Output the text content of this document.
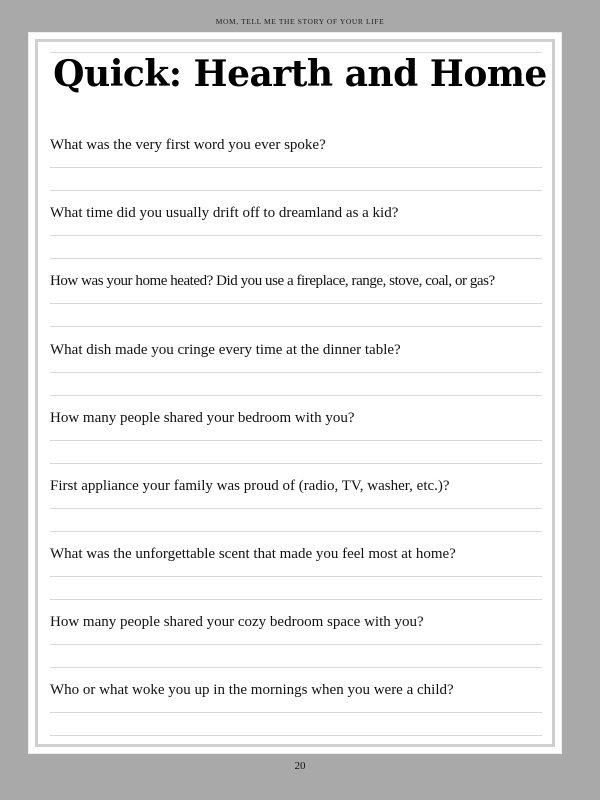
MOM, TELL ME THE STORY OF YOUR LIFE
Quick: Hearth and Home
What was the very first word you ever spoke?
What time did you usually drift off to dreamland as a kid?
How was your home heated? Did you use a fireplace, range, stove, coal, or gas?
What dish made you cringe every time at the dinner table?
How many people shared your bedroom with you?
First appliance your family was proud of (radio, TV, washer, etc.)?
What was the unforgettable scent that made you feel most at home?
How many people shared your cozy bedroom space with you?
Who or what woke you up in the mornings when you were a child?
20
